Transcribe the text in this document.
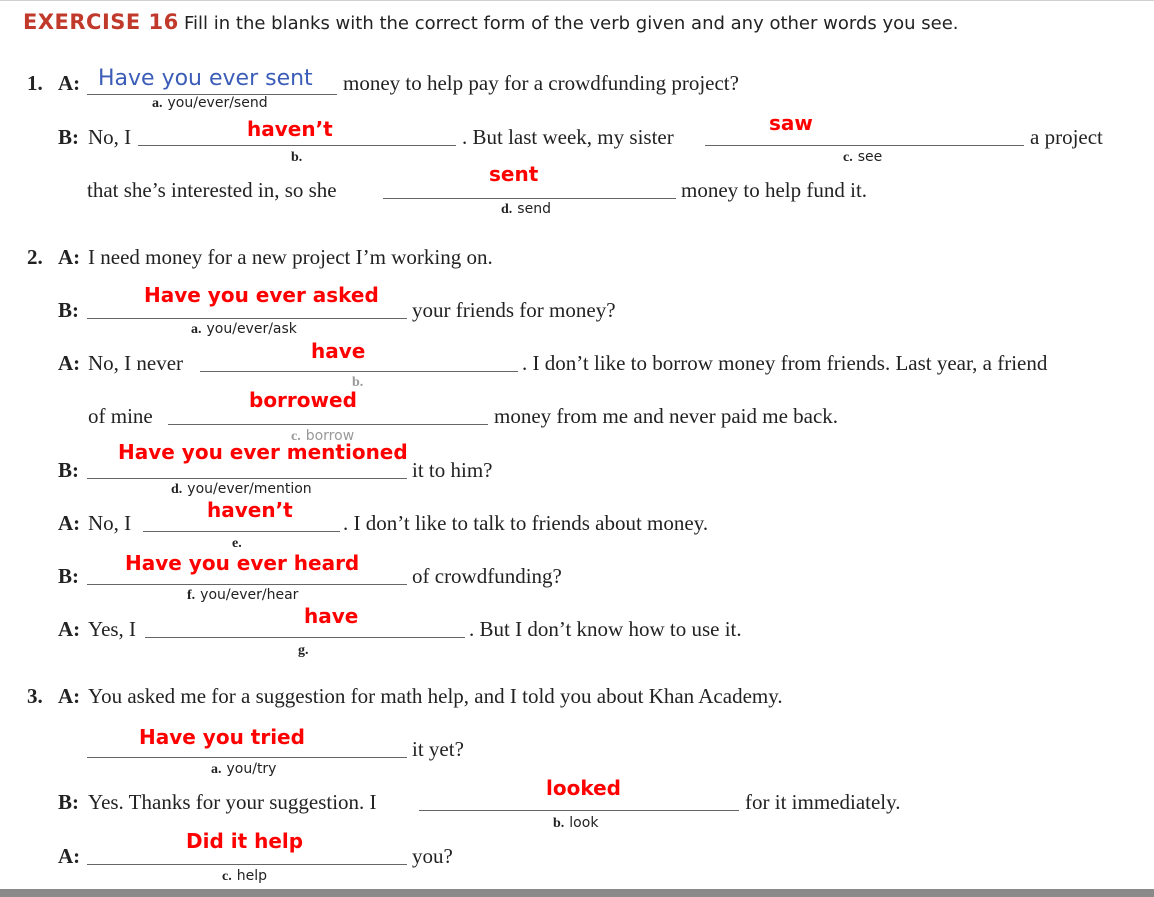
EXERCISE 16 Fill in the blanks with the correct form of the verb given and any other words you see.
1. A: Have you ever sent
a. you/ever/send
money to help pay for a crowdfunding project?
B: No, I	haven’t
b.
. But last week, my sister
saw
c. see
a project
that she’s interested in, so she
sent
d. send
money to help fund it.
2. A: I need money for a new project I’m working on.
B:
Have you ever asked
a. you/ever/ask
your friends for money?
A: No, I never	have
b.
. I don’t like to borrow money from friends. Last year, a friend
of mine
borrowed
c. borrow
money from me and never paid me back.
B:
Have you ever mentioned
d. you/ever/mention
it to him?
A: No, I
haven’t
e.
. I don’t like to talk to friends about money.
B:
Have you ever heard
f. you/ever/hear
of crowdfunding?
A: Yes, I
have
g.
. But I don’t know how to use it.
3. A: You asked me for a suggestion for math help, and I told you about Khan Academy.
Have you tried
a. you/try
it yet?
B: Yes. Thanks for your suggestion. I
looked
b. look
for it immediately.
A:
Did it help
c. help
you?
